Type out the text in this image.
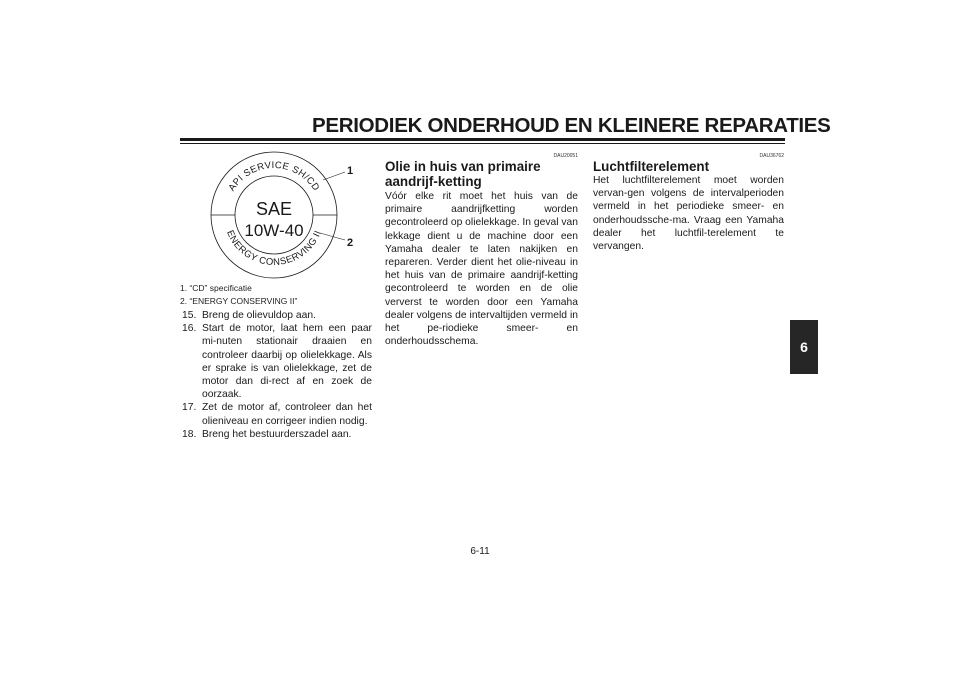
PERIODIEK ONDERHOUD EN KLEINERE REPARATIES
6
API SERVICE SH/CD
ENERGY CONSERVING II
SAE
10W-40
1
2
1. “CD” specificatie
2. “ENERGY CONSERVING II”
15. Breng de olievuldop aan.
16. Start de motor, laat hem een paar mi-nuten stationair draaien en controleer daarbij op olielekkage. Als er sprake is van olielekkage, zet de motor dan di-rect af en zoek de oorzaak.
17. Zet de motor af, controleer dan het olieniveau en corrigeer indien nodig.
18. Breng het bestuurderszadel aan.
DAU20051
Olie in huis van primaire aandrijf-ketting
Vóór elke rit moet het huis van de primaire aandrijfketting worden gecontroleerd op olielekkage. In geval van lekkage dient u de machine door een Yamaha dealer te laten nakijken en repareren. Verder dient het olie-niveau in het huis van de primaire aandrijf-ketting gecontroleerd te worden en de olie ververst te worden door een Yamaha dealer volgens de intervaltijden vermeld in het pe-riodieke smeer- en onderhoudsschema.
DAU36762
Luchtfilterelement
Het luchtfilterelement moet worden vervan-gen volgens de intervalperioden vermeld in het periodieke smeer- en onderhoudssche-ma. Vraag een Yamaha dealer het luchtfil-terelement te vervangen.
6-11
